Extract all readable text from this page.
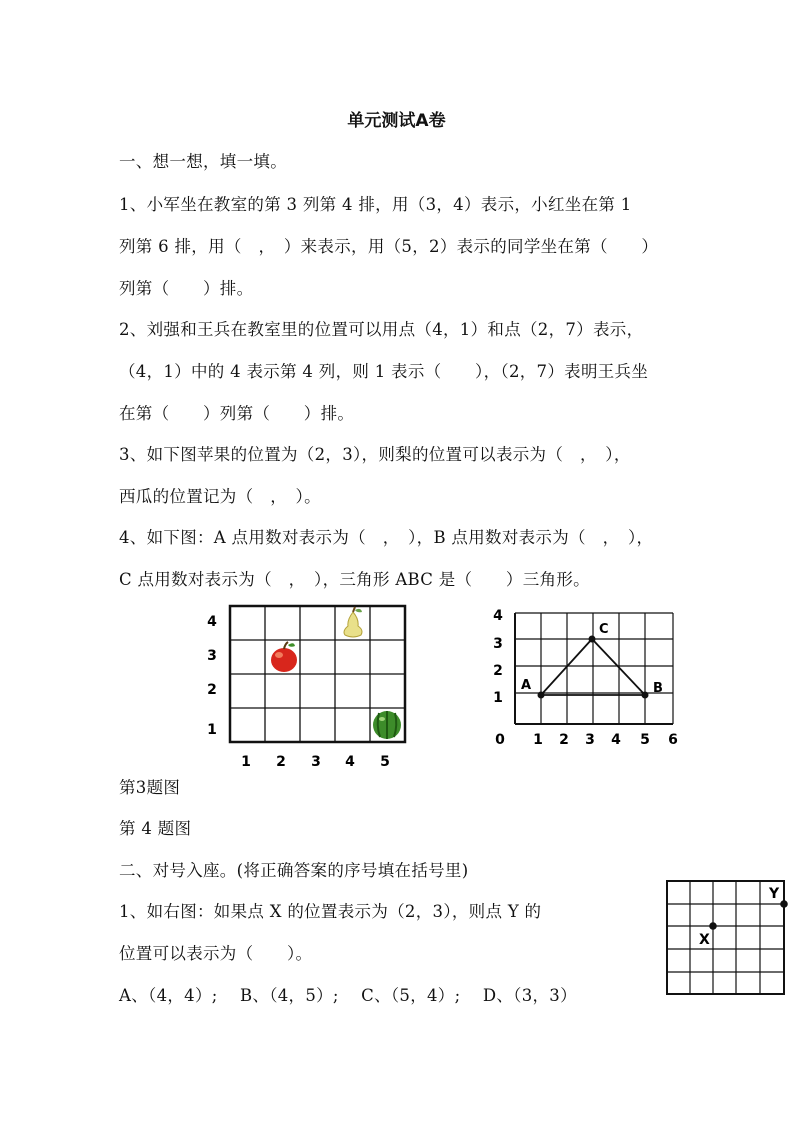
单元测试A卷
一、想一想，填一填。
1、小军坐在教室的第 3 列第 4 排，用（3，4）表示，小红坐在第 1
列第 6 排，用（　，　）来表示，用（5，2）表示的同学坐在第（　　）
列第（　　）排。
2、刘强和王兵在教室里的位置可以用点（4，1）和点（2，7）表示，
（4，1）中的 4 表示第 4 列，则 1 表示（　　），（2，7）表明王兵坐
在第（　　）列第（　　）排。
3、如下图苹果的位置为（2，3），则梨的位置可以表示为（　，　），
西瓜的位置记为（　，　）。
4、如下图：A 点用数对表示为（　，　），B 点用数对表示为（　，　），
C 点用数对表示为（　，　），三角形 ABC 是（　　）三角形。
1 2 3 4 5
1
2
3
4
A	B
C
0 1 2 3 4 5 6
1
2
3
4
第3题图
第 4 题图
二、对号入座。(将正确答案的序号填在括号里)
1、如右图：如果点 X 的位置表示为（2，3），则点 Y 的
位置可以表示为（　　）。
A、（4，4）;　 B、（4，5）;　 C、（5，4）;　 D、（3，3）
X
Y
